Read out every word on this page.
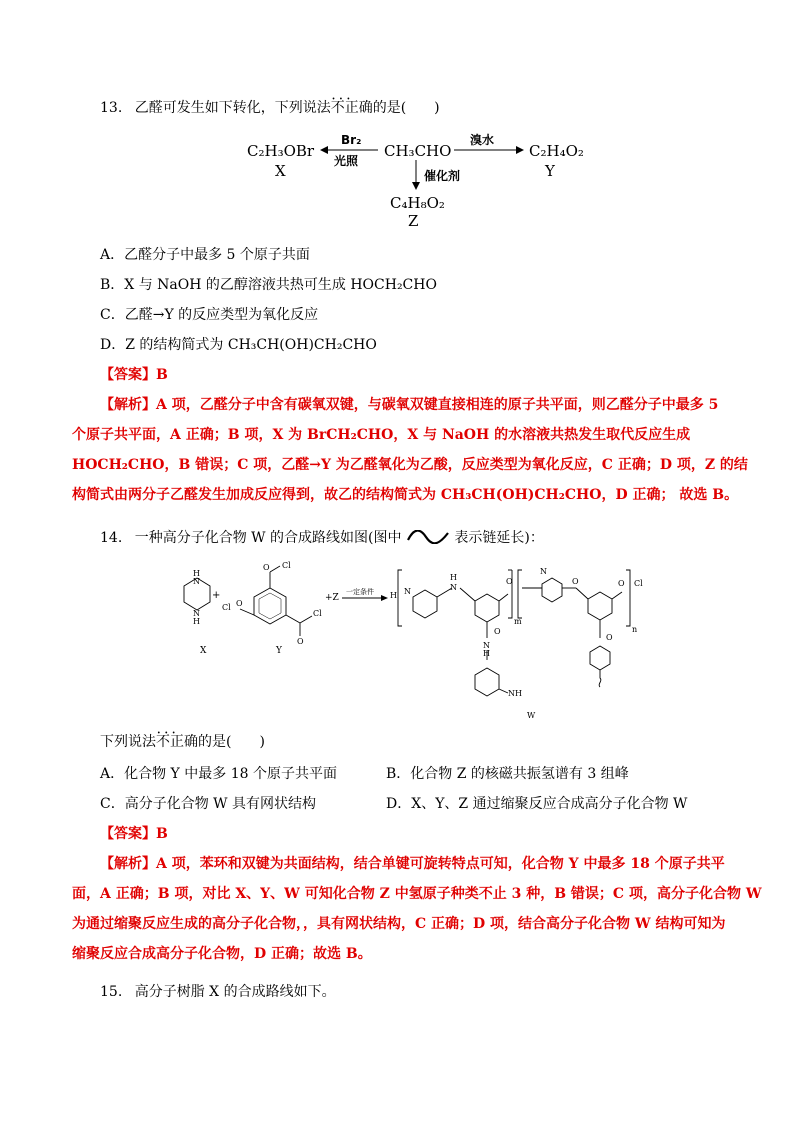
13. 乙醛可发生如下转化，下列说法• • • 不正确的是(　　)
C₂H₃OBr
X
Br₂
光照
CH₃CHO
溴水
C₂H₄O₂
Y
催化剂
C₄H₈O₂
Z
A．乙醛分子中最多 5 个原子共面
B．X 与 NaOH 的乙醇溶液共热可生成 HOCH₂CHO
C．乙醛→Y 的反应类型为氧化反应
D．Z 的结构简式为 CH₃CH(OH)CH₂CHO
【答案】B
【解析】A 项，乙醛分子中含有碳氧双键，与碳氧双键直接相连的原子共平面，则乙醛分子中最多 5
个原子共平面，A 正确；B 项，X 为 BrCH₂CHO，X 与 NaOH 的水溶液共热发生取代反应生成
HOCH₂CHO，B 错误；C 项，乙醛→Y 为乙醛氧化为乙酸，反应类型为氧化反应，C 正确；D 项，Z 的结
构简式由两分子乙醛发生加成反应得到，故乙的结构简式为 CH₃CH(OH)CH₂CHO，D 正确； 故选 B。
14. 一种高分子化合物 W 的合成路线如图(图中	表示链延长)：
H
N
N
H
+
X
O Cl
Cl O
Cl
O
Y
+Z
一定条件 H N
H
N
O
m
O
N
H
NH
N
O	O Cl
n
O
W
下列说法• • • 不正确的是(　　)
A．化合物 Y 中最多 18 个原子共平面	B．化合物 Z 的核磁共振氢谱有 3 组峰
C．高分子化合物 W 具有网状结构	D．X、Y、Z 通过缩聚反应合成高分子化合物 W
【答案】B
【解析】A 项，苯环和双键为共面结构，结合单键可旋转特点可知，化合物 Y 中最多 18 个原子共平
面，A 正确；B 项，对比 X、Y、W 可知化合物 Z 中氢原子种类不止 3 种，B 错误；C 项，高分子化合物 W
为通过缩聚反应生成的高分子化合物，，具有网状结构，C 正确；D 项，结合高分子化合物 W 结构可知为
缩聚反应合成高分子化合物，D 正确；故选 B。
15. 高分子树脂 X 的合成路线如下。
